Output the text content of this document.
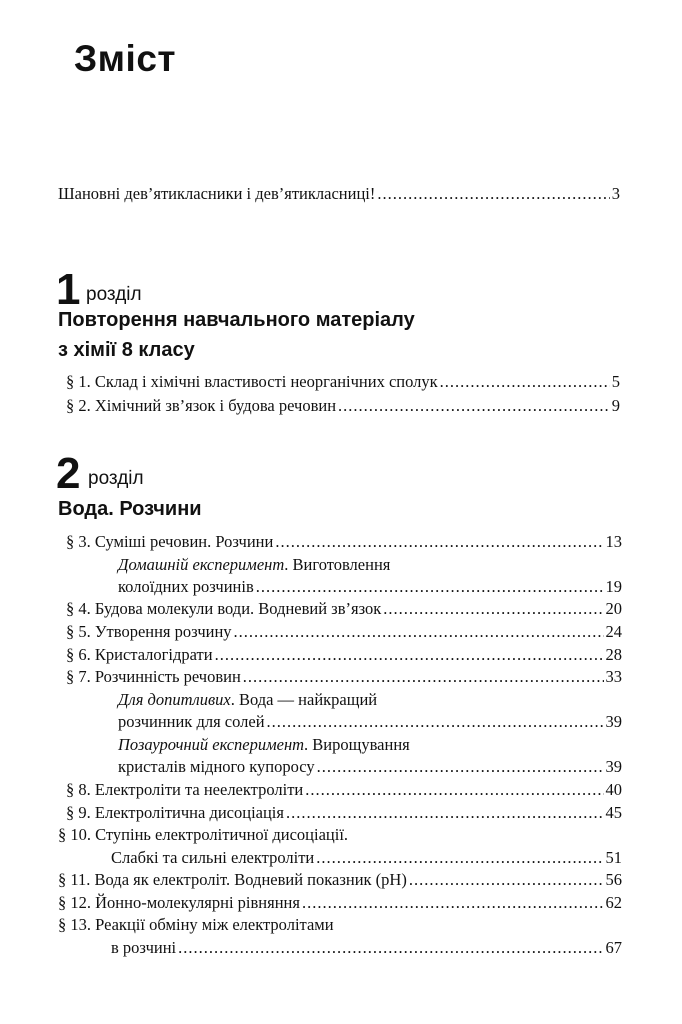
Зміст
Шановні дев’ятикласники і дев’ятикласниці! .....	3
1 розділ
Повторення навчального матеріалу
з хімії 8 класу
§ 1. Склад і хімічні властивості неорганічних сполук .....	5
§ 2. Хімічний зв’язок і будова речовин .....	9
2 розділ
Вода. Розчини
§ 3. Суміші речовин. Розчини .....	13
Домашній експеримент. Виготовлення
колоїдних розчинів .....	19
§ 4. Будова молекули води. Водневий зв’язок .....	20
§ 5. Утворення розчину .....	24
§ 6. Кристалогідрати .....	28
§ 7. Розчинність речовин .....	33
Для допитливих. Вода — найкращий
розчинник для солей .....	39
Позаурочний експеримент. Вирощування
кристалів мідного купоросу .....	39
§ 8. Електроліти та неелектроліти .....	40
§ 9. Електролітична дисоціація .....	45
§ 10. Ступінь електролітичної дисоціації.
Слабкі та сильні електроліти .....	51
§ 11. Вода як електроліт. Водневий показник (pH) .....	56
§ 12. Йонно-молекулярні рівняння .....	62
§ 13. Реакції обміну між електролітами
в розчині .....	67
